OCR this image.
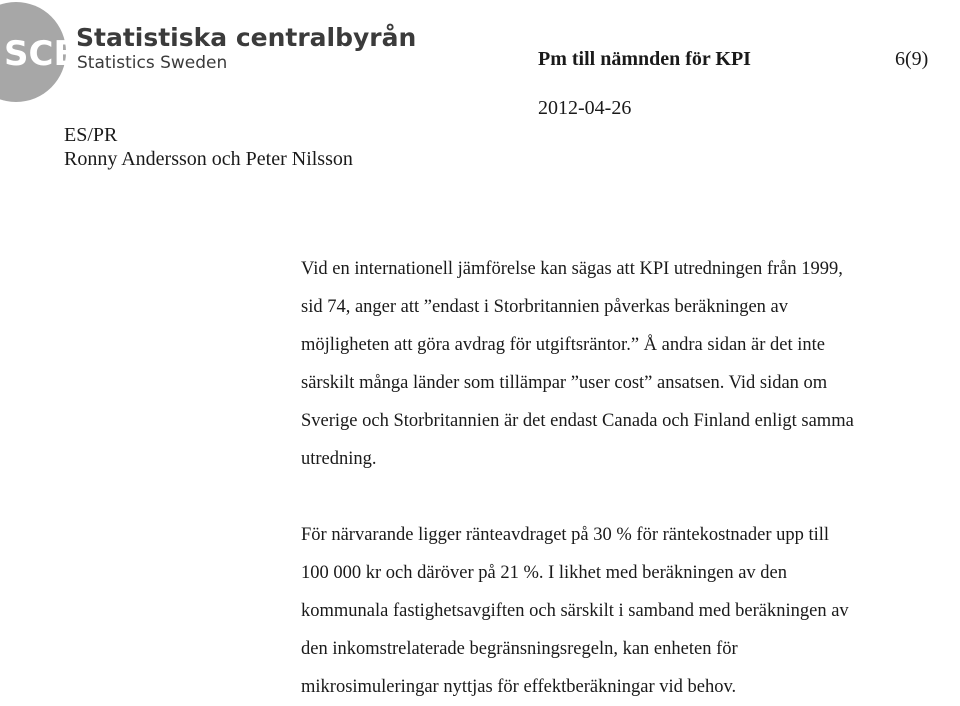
SCB
Statistiska centralbyrån
Statistics Sweden	Pm till nämnden för KPI	6(9)
2012-04-26
ES/PR
Ronny Andersson och Peter Nilsson

Vid en internationell jämförelse kan sägas att KPI utredningen från 1999,
sid 74, anger att ”endast i Storbritannien påverkas beräkningen av
möjligheten att göra avdrag för utgiftsräntor.” Å andra sidan är det inte
särskilt många länder som tillämpar ”user cost” ansatsen. Vid sidan om
Sverige och Storbritannien är det endast Canada och Finland enligt samma
utredning.

För närvarande ligger ränteavdraget på 30 % för räntekostnader upp till
100 000 kr och däröver på 21 %. I likhet med beräkningen av den
kommunala fastighetsavgiften och särskilt i samband med beräkningen av
den inkomstrelaterade begränsningsregeln, kan enheten för
mikrosimuleringar nyttjas för effektberäkningar vid behov.
